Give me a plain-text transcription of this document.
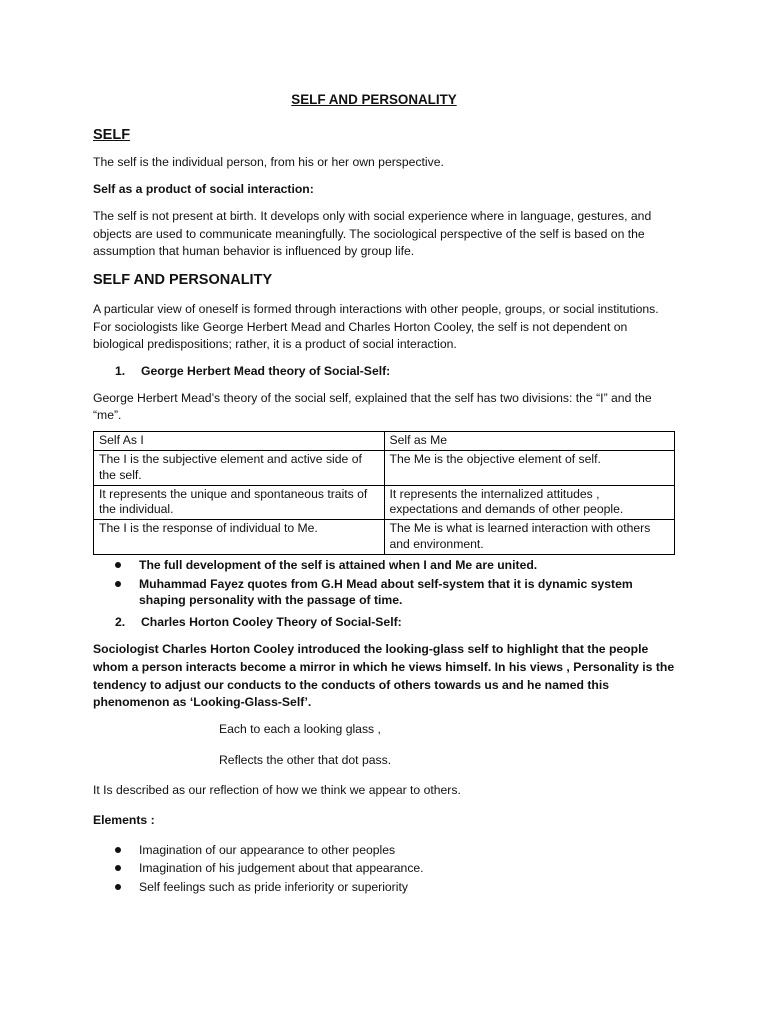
SELF AND PERSONALITY
SELF

The self is the individual person, from his or her own perspective.

Self as a product of social interaction:

The self is not present at birth. It develops only with social experience where in language, gestures, and objects are used to communicate meaningfully. The sociological perspective of the self is based on the assumption that human behavior is influenced by group life.

SELF AND PERSONALITY

A particular view of oneself is formed through interactions with other people, groups, or social institutions. For sociologists like George Herbert Mead and Charles Horton Cooley, the self is not dependent on biological predispositions; rather, it is a product of social interaction.

1.	George Herbert Mead theory of Social-Self:

George Herbert Mead’s theory of the social self, explained that the self has two divisions: the “I” and the “me”.

Self As I	Self as Me
The I is the subjective element and active side of the self.	The Me is the objective element of self.
It represents the unique and spontaneous traits of the individual.	It represents the internalized attitudes , expectations and demands of other people.
The I is the response of individual to Me.	The Me is what is learned interaction with others and environment.
The full development of the self is attained when I and Me are united.
Muhammad Fayez quotes from G.H Mead about self-system that it is dynamic system shaping personality with the passage of time.
2.	Charles Horton Cooley Theory of Social-Self:

Sociologist Charles Horton Cooley introduced the looking-glass self to highlight that the people whom a person interacts become a mirror in which he views himself. In his views , Personality is the tendency to adjust our conducts to the conducts of others towards us and he named this phenomenon as ‘Looking-Glass-Self’.

Each to each a looking glass ,
Reflects the other that dot pass.

It Is described as our reflection of how we think we appear to others.

Elements :

Imagination of our appearance to other peoples
Imagination of his judgement about that appearance.
Self feelings such as pride inferiority or superiority
